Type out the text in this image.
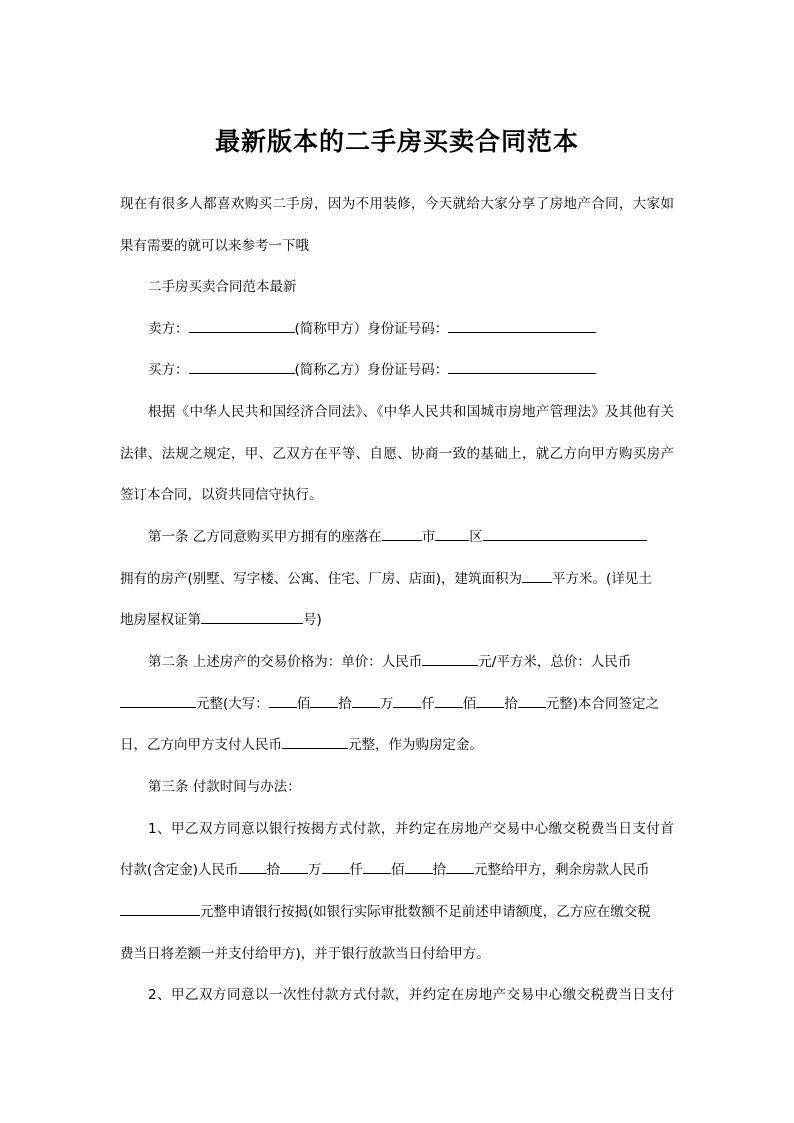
最新版本的二手房买卖合同范本

现在有很多人都喜欢购买二手房，因为不用装修，今天就给大家分享了房地产合同，大家如

果有需要的就可以来参考一下哦

二手房买卖合同范本最新

卖方：	(简称甲方）身份证号码：

买方：	(简称乙方）身份证号码：

根据《中华人民共和国经济合同法》、《中华人民共和国城市房地产管理法》及其他有关

法律、法规之规定，甲、乙双方在平等、自愿、协商一致的基础上，就乙方向甲方购买房产

签订本合同，以资共同信守执行。

第一条 乙方同意购买甲方拥有的座落在	市	区

拥有的房产(别墅、写字楼、公寓、住宅、厂房、店面)，建筑面积为 平方米。(详见土

地房屋权证第	号)

第二条 上述房产的交易价格为：单价：人民币	元/平方米，总价：人民币

元整(大写： 佰 拾 万 仟 佰 拾 元整)本合同签定之

日，乙方向甲方支付人民币	元整，作为购房定金。

第三条 付款时间与办法：

1、甲乙双方同意以银行按揭方式付款，并约定在房地产交易中心缴交税费当日支付首

付款(含定金)人民币 拾 万 仟 佰 拾 元整给甲方，剩余房款人民币

元整申请银行按揭(如银行实际审批数额不足前述申请额度，乙方应在缴交税

费当日将差额一并支付给甲方)，并于银行放款当日付给甲方。

2、甲乙双方同意以一次性付款方式付款，并约定在房地产交易中心缴交税费当日支付
